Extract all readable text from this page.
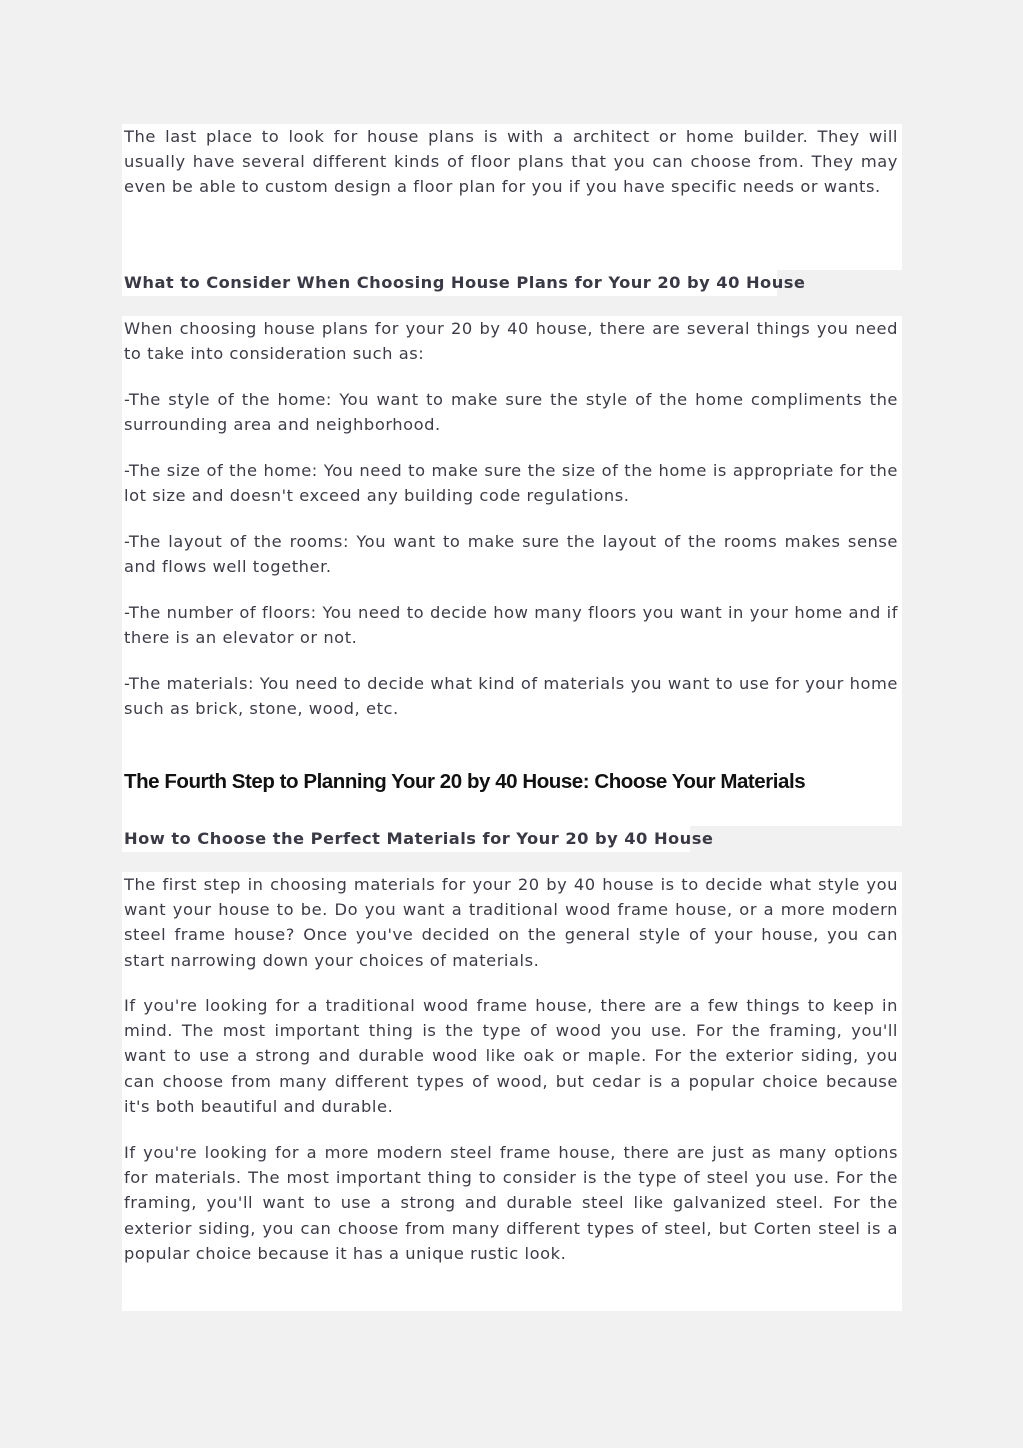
The last place to look for house plans is with a architect or home builder. They will usually have several different kinds of floor plans that you can choose from. They may even be able to custom design a floor plan for you if you have specific needs or wants.

What to Consider When Choosing House Plans for Your 20 by 40 House

When choosing house plans for your 20 by 40 house, there are several things you need to take into consideration such as:

-The style of the home: You want to make sure the style of the home compliments the surrounding area and neighborhood.

-The size of the home: You need to make sure the size of the home is appropriate for the lot size and doesn't exceed any building code regulations.

-The layout of the rooms: You want to make sure the layout of the rooms makes sense and flows well together.

-The number of floors: You need to decide how many floors you want in your home and if there is an elevator or not.

-The materials: You need to decide what kind of materials you want to use for your home such as brick, stone, wood, etc.

The Fourth Step to Planning Your 20 by 40 House: Choose Your Materials
How to Choose the Perfect Materials for Your 20 by 40 House

The first step in choosing materials for your 20 by 40 house is to decide what style you want your house to be. Do you want a traditional wood frame house, or a more modern steel frame house? Once you've decided on the general style of your house, you can start narrowing down your choices of materials.

If you're looking for a traditional wood frame house, there are a few things to keep in mind. The most important thing is the type of wood you use. For the framing, you'll want to use a strong and durable wood like oak or maple. For the exterior siding, you can choose from many different types of wood, but cedar is a popular choice because it's both beautiful and durable.

If you're looking for a more modern steel frame house, there are just as many options for materials. The most important thing to consider is the type of steel you use. For the framing, you'll want to use a strong and durable steel like galvanized steel. For the exterior siding, you can choose from many different types of steel, but Corten steel is a popular choice because it has a unique rustic look.
